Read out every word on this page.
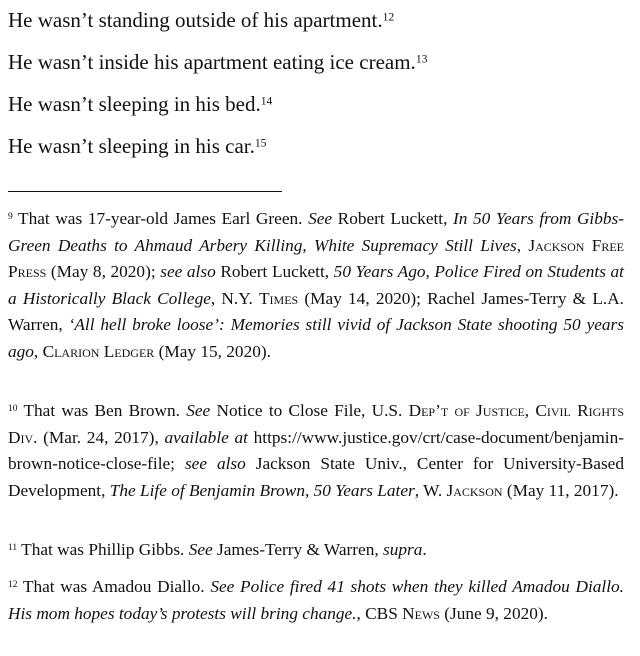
He wasn’t standing outside of his apartment.$^{12}$
He wasn’t inside his apartment eating ice cream.$^{13}$
He wasn’t sleeping in his bed.$^{14}$
He wasn’t sleeping in his car.$^{15}$
$^9$ That was 17-year-old James Earl Green. See Robert Luckett, In 50 Years from Gibbs-Green Deaths to Ahmaud Arbery Killing, White Supremacy Still Lives, Jackson Free Press (May 8, 2020); see also Robert Luckett, 50 Years Ago, Police Fired on Students at a Historically Black College, N.Y. Times (May 14, 2020); Rachel James-Terry & L.A. Warren, ‘All hell broke loose’: Memories still vivid of Jackson State shooting 50 years ago, Clarion Ledger (May 15, 2020).
$^{10}$ That was Ben Brown. See Notice to Close File, U.S. Dep’t of Justice, Civil Rights Div. (Mar. 24, 2017), available at https://www.justice.gov/crt/case-document/benjamin-brown-notice-close-file; see also Jackson State Univ., Center for University-Based Development, The Life of Benjamin Brown, 50 Years Later, W. Jackson (May 11, 2017).
$^{11}$ That was Phillip Gibbs. See James-Terry & Warren, supra.
$^{12}$ That was Amadou Diallo. See Police fired 41 shots when they killed Amadou Diallo. His mom hopes today’s protests will bring change., CBS News (June 9, 2020).
